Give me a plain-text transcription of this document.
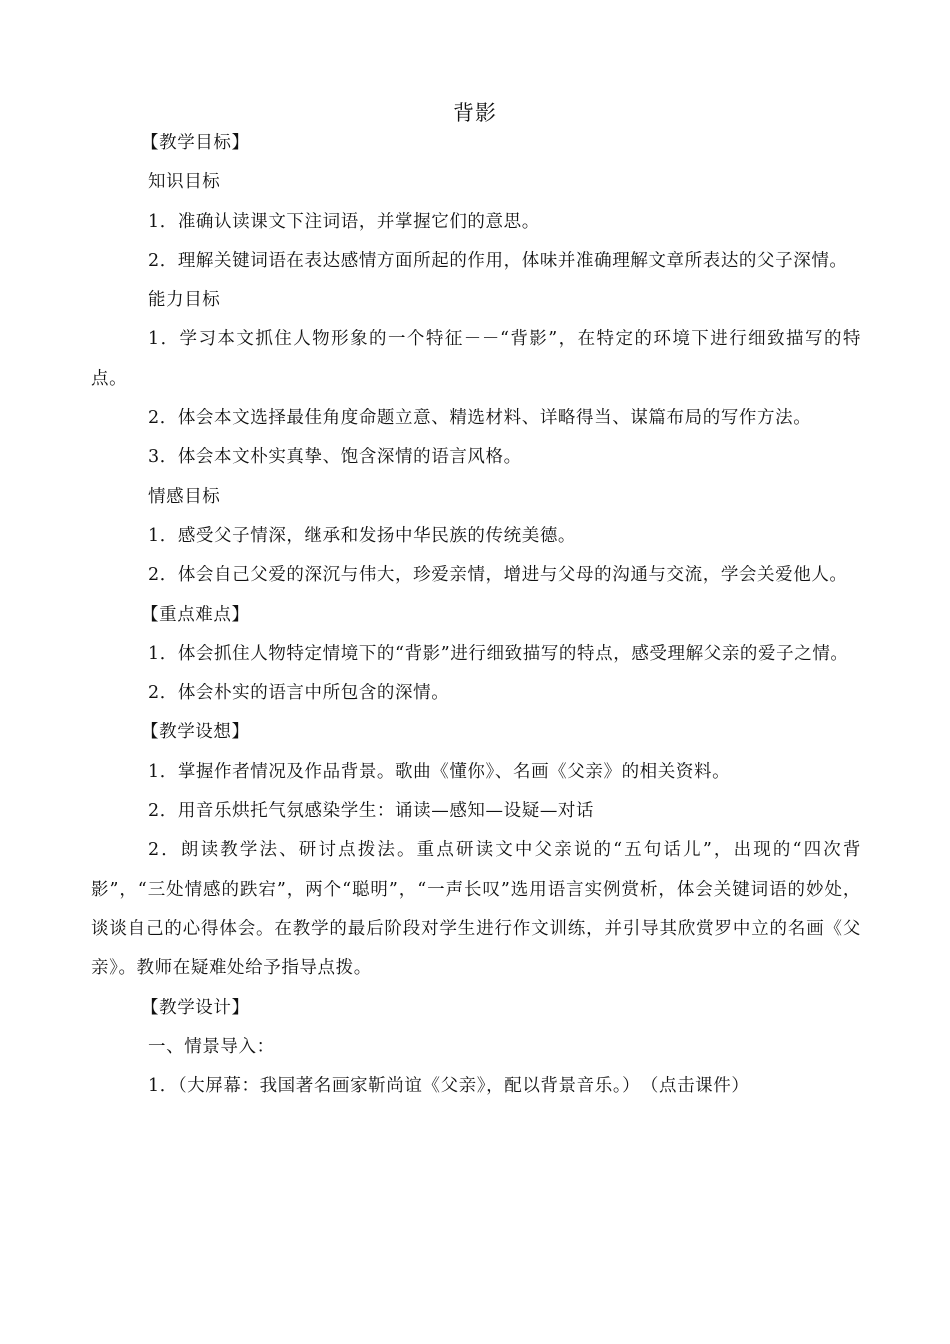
背影

【教学目标】

知识目标

1．准确认读课文下注词语，并掌握它们的意思。

2．理解关键词语在表达感情方面所起的作用，体味并准确理解文章所表达的父子深情。

能力目标

1．学习本文抓住人物形象的一个特征－－“背影”，在特定的环境下进行细致描写的特点。

2．体会本文选择最佳角度命题立意、精选材料、详略得当、谋篇布局的写作方法。

3．体会本文朴实真挚、饱含深情的语言风格。

情感目标

1．感受父子情深，继承和发扬中华民族的传统美德。

2．体会自己父爱的深沉与伟大，珍爱亲情，增进与父母的沟通与交流，学会关爱他人。

【重点难点】

1．体会抓住人物特定情境下的“背影”进行细致描写的特点，感受理解父亲的爱子之情。

2．体会朴实的语言中所包含的深情。

【教学设想】

1．掌握作者情况及作品背景。歌曲《懂你》、名画《父亲》的相关资料。

2．用音乐烘托气氛感染学生：诵读—感知—设疑—对话

2．朗读教学法、研讨点拨法。重点研读文中父亲说的“五句话儿”，出现的“四次背影”，“三处情感的跌宕”，两个“聪明”，“一声长叹”选用语言实例赏析，体会关键词语的妙处，谈谈自己的心得体会。在教学的最后阶段对学生进行作文训练，并引导其欣赏罗中立的名画《父亲》。教师在疑难处给予指导点拨。

【教学设计】

一、情景导入：

1．（大屏幕：我国著名画家靳尚谊《父亲》，配以背景音乐。）　（点击课件）
